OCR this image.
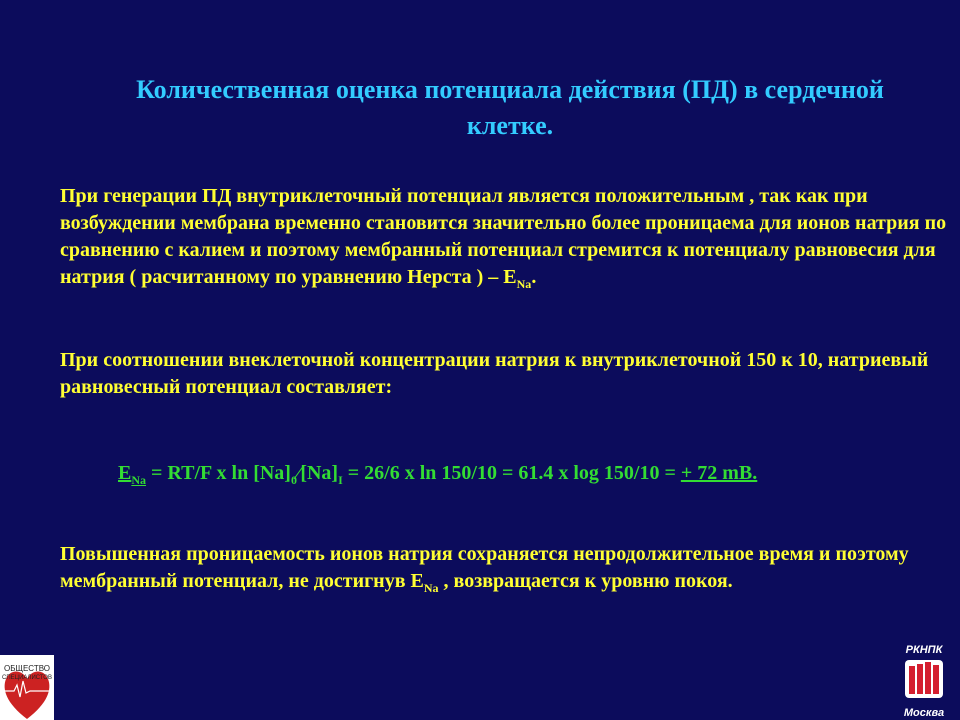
Количественная оценка потенциала действия (ПД) в сердечной клетке.
При генерации ПД внутриклеточный потенциал является положительным , так как при возбуждении мембрана временно становится значительно более проницаема для ионов натрия по сравнению с калием и поэтому мембранный потенциал стремится к потенциалу равновесия для натрия ( расчитанному по уравнению Нерста ) – $E_{Na}$.
При соотношении внеклеточной концентрации натрия к внутриклеточной 150 к 10, натриевый равновесный потенциал составляет:
$E_{Na} = RT/F$ x $\ln [Na]_0⁄[Na]_I = 26/6$ x ln 150/10 = 61.4 x log 150/10 = + 72 mB.
Повышенная проницаемость ионов натрия сохраняется непродолжительное время и поэтому мембранный потенциал, не достигнув $E_{Na}$ , возвращается к уровню покоя.
ОБЩЕСТВО
СПЕЦИАЛИСТОВ
РКНПК
Москва
